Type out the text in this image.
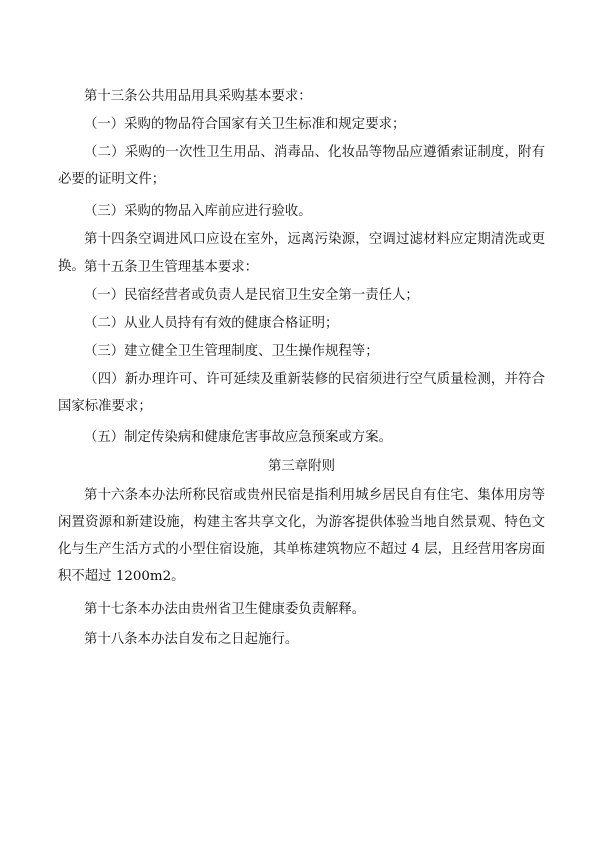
第十三条公共用品用具采购基本要求：

（一）采购的物品符合国家有关卫生标准和规定要求；

（二）采购的一次性卫生用品、消毒品、化妆品等物品应遵循索证制度，附有必要的证明文件；

（三）采购的物品入库前应进行验收。

第十四条空调进风口应设在室外，远离污染源，空调过滤材料应定期清洗或更换。 第十五条卫生管理基本要求：

（一）民宿经营者或负责人是民宿卫生安全第一责任人；

（二）从业人员持有有效的健康合格证明；

（三）建立健全卫生管理制度、卫生操作规程等；

（四）新办理许可、许可延续及重新装修的民宿须进行空气质量检测，并符合国家标准要求；

（五）制定传染病和健康危害事故应急预案或方案。

第三章附则

第十六条本办法所称民宿或贵州民宿是指利用城乡居民自有住宅、集体用房等闲置资源和新建设施，构建主客共享文化，为游客提供体验当地自然景观、特色文化与生产生活方式的小型住宿设施，其单栋建筑物应不超过 4 层，且经营用客房面积不超过 1200m2。

第十七条本办法由贵州省卫生健康委负责解释。

第十八条本办法自发布之日起施行。
